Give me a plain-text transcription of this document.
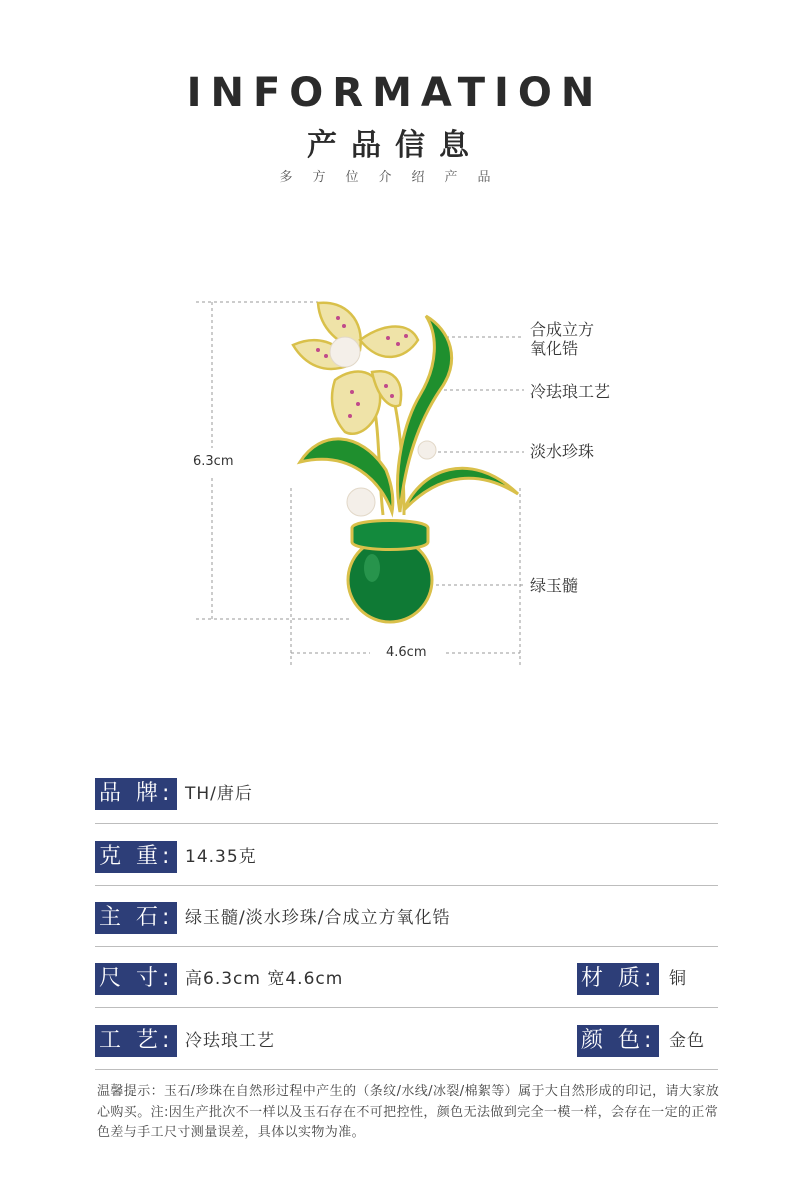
INFORMATION
产品信息
多方位介绍产品
6.3cm
4.6cm
合成立方
氧化锆
冷珐琅工艺
淡水珍珠
绿玉髓
品 牌: TH/唐后
克 重: 14.35克
主 石: 绿玉髓/淡水珍珠/合成立方氧化锆
尺 寸: 高6.3cm 宽4.6cm	材 质: 铜
工 艺: 冷珐琅工艺	颜 色: 金色
温馨提示：玉石/珍珠在自然形过程中产生的（条纹/水线/冰裂/棉絮等）属于大自然形成的印记，请大家放心购买。注:因生产批次不一样以及玉石存在不可把控性，颜色无法做到完全一模一样，会存在一定的正常色差与手工尺寸测量误差，具体以实物为准。
